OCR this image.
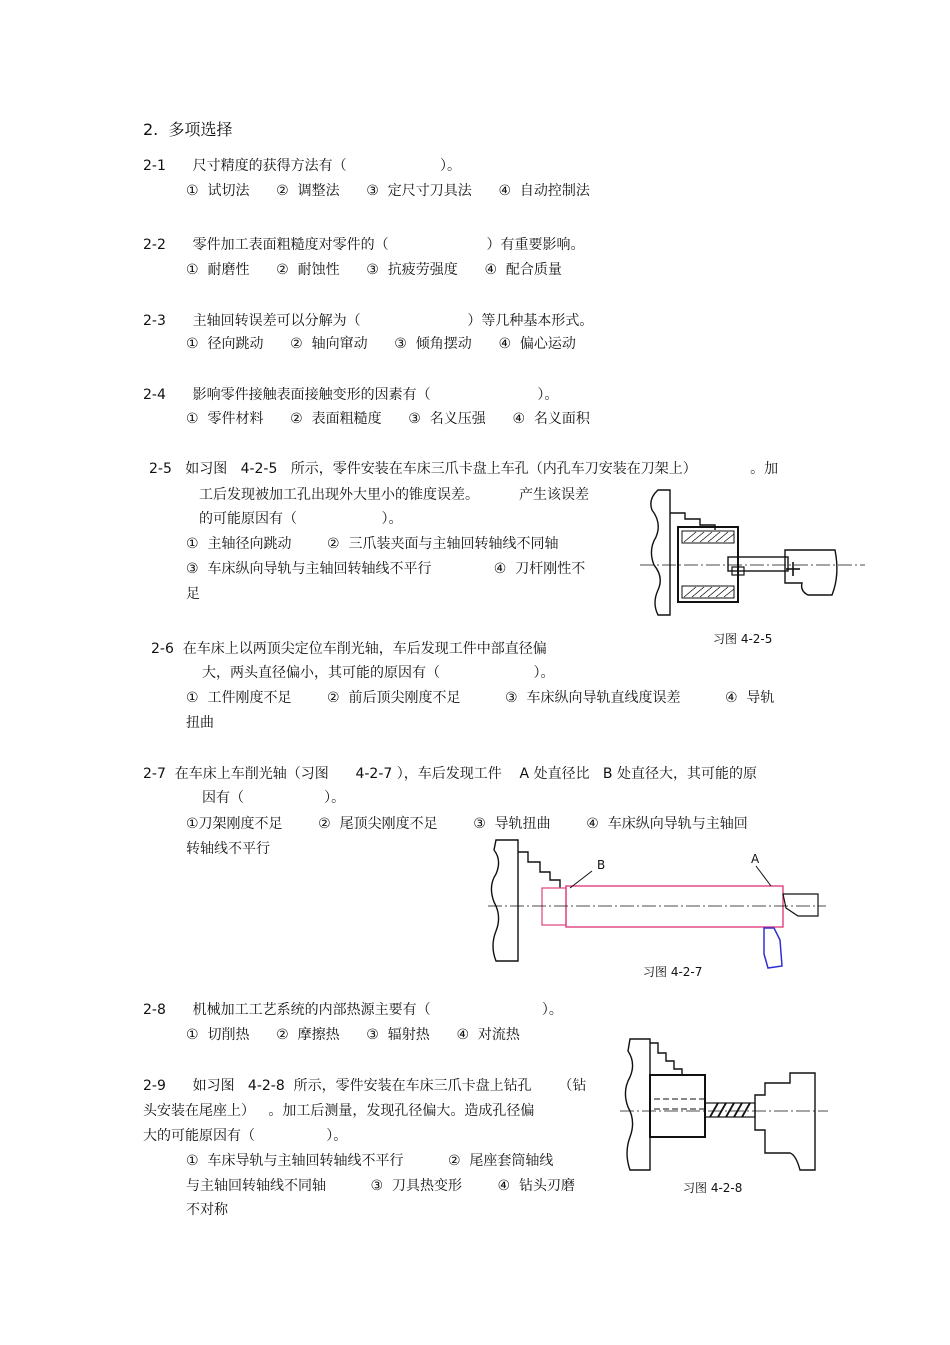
2.  多项选择
2-1      尺寸精度的获得方法有（                     ）。
①  试切法      ②  调整法      ③  定尺寸刀具法      ④  自动控制法
2-2      零件加工表面粗糙度对零件的（                      ）有重要影响。
①  耐磨性      ②  耐蚀性      ③  抗疲劳强度      ④  配合质量
2-3      主轴回转误差可以分解为（                        ）等几种基本形式。
①  径向跳动      ②  轴向窜动      ③  倾角摆动      ④  偏心运动
2-4      影响零件接触表面接触变形的因素有（                        ）。
①  零件材料      ②  表面粗糙度      ③  名义压强      ④  名义面积
2-5   如习图   4-2-5   所示，零件安装在车床三爪卡盘上车孔（内孔车刀安装在刀架上）            。加
工后发现被加工孔出现外大里小的锥度误差。         产生该误差
的可能原因有（                   ）。
①  主轴径向跳动        ②  三爪装夹面与主轴回转轴线不同轴
③  车床纵向导轨与主轴回转轴线不平行              ④  刀杆刚性不
足
习图 4-2-5
2-6  在车床上以两顶尖定位车削光轴，车后发现工件中部直径偏
大，两头直径偏小，其可能的原因有（                     ）。
①  工件刚度不足        ②  前后顶尖刚度不足          ③  车床纵向导轨直线度误差          ④  导轨
扭曲
2-7  在车床上车削光轴（习图      4-2-7 ），车后发现工件    A 处直径比   B 处直径大，其可能的原
因有（                  ）。
①刀架刚度不足        ②  尾顶尖刚度不足        ③  导轨扭曲        ④  车床纵向导轨与主轴回
转轴线不平行
B	A
习图 4-2-7
2-8      机械加工工艺系统的内部热源主要有（                         ）。
①  切削热      ②  摩擦热      ③  辐射热      ④  对流热
2-9      如习图   4-2-8  所示，零件安装在车床三爪卡盘上钻孔      （钻
头安装在尾座上）   。加工后测量，发现孔径偏大。造成孔径偏
大的可能原因有（                ）。
①  车床导轨与主轴回转轴线不平行          ②  尾座套筒轴线
与主轴回转轴线不同轴          ③  刀具热变形        ④  钻头刃磨
不对称
习图 4-2-8
